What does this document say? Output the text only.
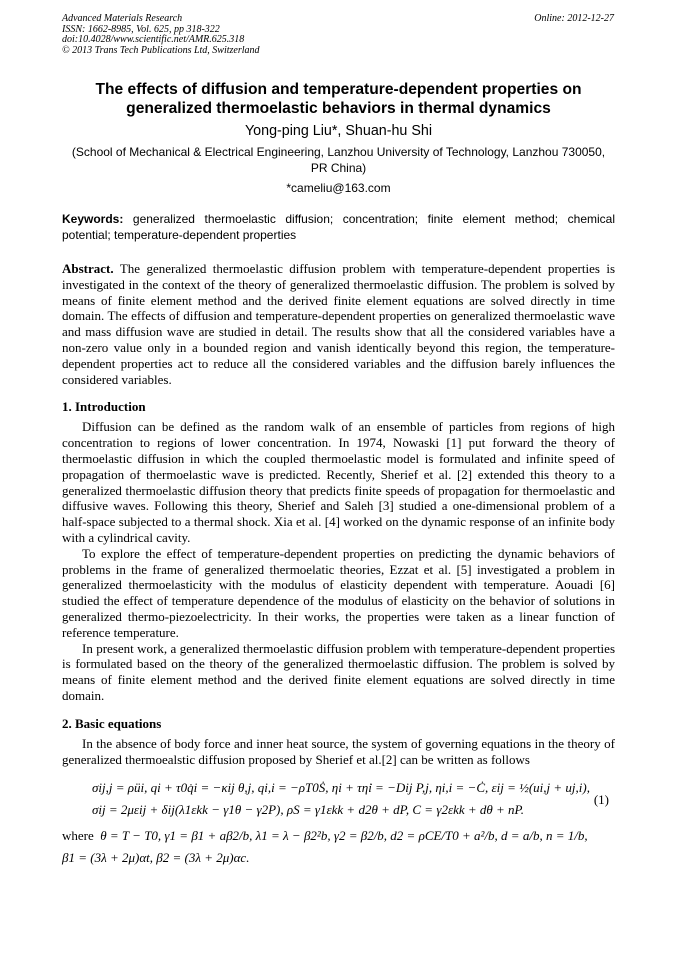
Advanced Materials Research
ISSN: 1662-8985, Vol. 625, pp 318-322
doi:10.4028/www.scientific.net/AMR.625.318
© 2013 Trans Tech Publications Ltd, Switzerland
Online: 2012-12-27
The effects of diffusion and temperature-dependent properties on generalized thermoelastic behaviors in thermal dynamics
Yong-ping Liu*, Shuan-hu Shi
(School of Mechanical & Electrical Engineering, Lanzhou University of Technology, Lanzhou 730050, PR China)
*cameliu@163.com
Keywords: generalized thermoelastic diffusion; concentration; finite element method; chemical potential; temperature-dependent properties
Abstract. The generalized thermoelastic diffusion problem with temperature-dependent properties is investigated in the context of the theory of generalized thermoelastic diffusion. The problem is solved by means of finite element method and the derived finite element equations are solved directly in time domain. The effects of diffusion and temperature-dependent properties on generalized thermoelastic wave and mass diffusion wave are studied in detail. The results show that all the considered variables have a non-zero value only in a bounded region and vanish identically beyond this region, the temperature-dependent properties act to reduce all the considered variables and the diffusion barely influences the considered variables.
1. Introduction
Diffusion can be defined as the random walk of an ensemble of particles from regions of high concentration to regions of lower concentration. In 1974, Nowaski [1] put forward the theory of thermoelastic diffusion in which the coupled thermoelastic model is formulated and infinite speed of propagation of thermoelastic wave is predicted. Recently, Sherief et al. [2] extended this theory to a generalized thermoelastic diffusion theory that predicts finite speeds of propagation for thermoelastic and diffusive waves. Following this theory, Sherief and Saleh [3] studied a one-dimensional problem of a half-space subjected to a thermal shock. Xia et al. [4] worked on the dynamic response of an infinite body with a cylindrical cavity.
To explore the effect of temperature-dependent properties on predicting the dynamic behaviors of problems in the frame of generalized thermoelatic theories, Ezzat et al. [5] investigated a problem in generalized thermoelasticity with the modulus of elasticity dependent with temperature. Aouadi [6] studied the effect of temperature dependence of the modulus of elasticity on the behavior of solutions in generalized thermo-piezoelectricity. In their works, the properties were taken as a linear function of reference temperature.
In present work, a generalized thermoelastic diffusion problem with temperature-dependent properties is formulated based on the theory of the generalized thermoelastic diffusion. The problem is solved by means of finite element method and the derived finite element equations are solved directly in time domain.
2. Basic equations
In the absence of body force and inner heat source, the system of governing equations in the theory of generalized thermoealstic diffusion proposed by Sherief et al.[2] can be written as follows
σij,j = ρüi, qi + τ0q̇i = −κij θ,j, qi,i = −ρT0Ṡ, ηi + τη̇i = −Dij P,j, ηi,i = −Ċ, εij = ½(ui,j + uj,i),
σij = 2μεij + δij(λ1εkk − γ1θ − γ2P), ρS = γ1εkk + d2θ + dP, C = γ2εkk + dθ + nP.
(1)
where θ = T − T0, γ1 = β1 + aβ2/b, λ1 = λ − β2²b, γ2 = β2/b, d2 = ρCE/T0 + a²/b, d = a/b, n = 1/b,
β1 = (3λ + 2μ)αt, β2 = (3λ + 2μ)αc.
